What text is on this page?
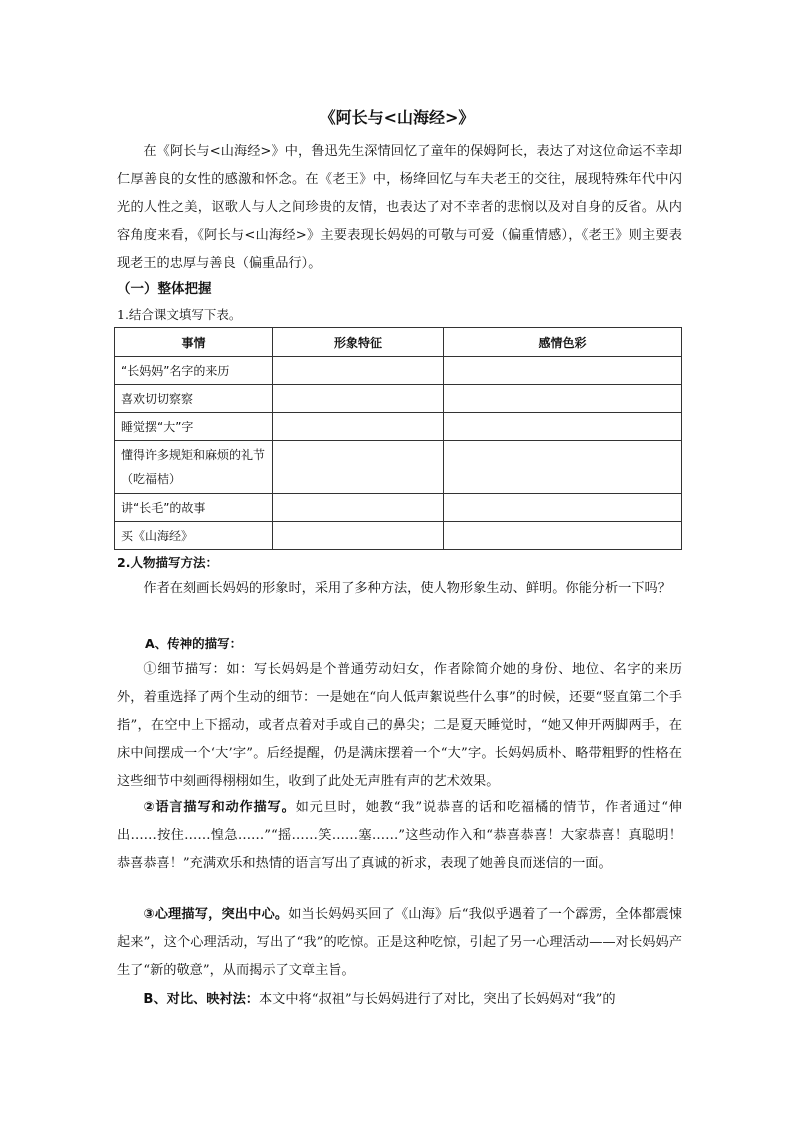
《阿长与<山海经>》
在《阿长与<山海经>》中，鲁迅先生深情回忆了童年的保姆阿长，表达了对这位命运不幸却仁厚善良的女性的感激和怀念。在《老王》中，杨绛回忆与车夫老王的交往，展现特殊年代中闪光的人性之美，讴歌人与人之间珍贵的友情，也表达了对不幸者的悲悯以及对自身的反省。从内容角度来看，《阿长与<山海经>》主要表现长妈妈的可敬与可爱（偏重情感），《老王》则主要表现老王的忠厚与善良（偏重品行）。
（一）整体把握
1.结合课文填写下表。
事情	形象特征	感情色彩
“长妈妈”名字的来历		
喜欢切切察察		
睡觉摆“大”字		
懂得许多规矩和麻烦的礼节（吃福桔）		
讲“长毛”的故事		
买《山海经》		
2.人物描写方法：
作者在刻画长妈妈的形象时，采用了多种方法，使人物形象生动、鲜明。你能分析一下吗？
A、传神的描写：
①细节描写：如：写长妈妈是个普通劳动妇女，作者除简介她的身份、地位、名字的来历外，着重选择了两个生动的细节：一是她在“向人低声絮说些什么事”的时候，还要“竖直第二个手指”，在空中上下摇动，或者点着对手或自己的鼻尖；二是夏天睡觉时，“她又伸开两脚两手，在床中间摆成一个‘大’字”。后经提醒，仍是满床摆着一个“大”字。长妈妈质朴、略带粗野的性格在这些细节中刻画得栩栩如生，收到了此处无声胜有声的艺术效果。
②语言描写和动作描写。如元旦时，她教“我”说恭喜的话和吃福橘的情节，作者通过“伸出……按住……惶急……”“摇……笑……塞……”这些动作入和“恭喜恭喜！大家恭喜！真聪明！恭喜恭喜！”充满欢乐和热情的语言写出了真诚的祈求，表现了她善良而迷信的一面。
③心理描写，突出中心。如当长妈妈买回了《山海》后“我似乎遇着了一个霹雳，全体都震悚起来”，这个心理活动，写出了“我”的吃惊。正是这种吃惊，引起了另一心理活动——对长妈妈产生了“新的敬意”，从而揭示了文章主旨。
B、对比、映衬法：本文中将“叔祖”与长妈妈进行了对比，突出了长妈妈对“我”的
